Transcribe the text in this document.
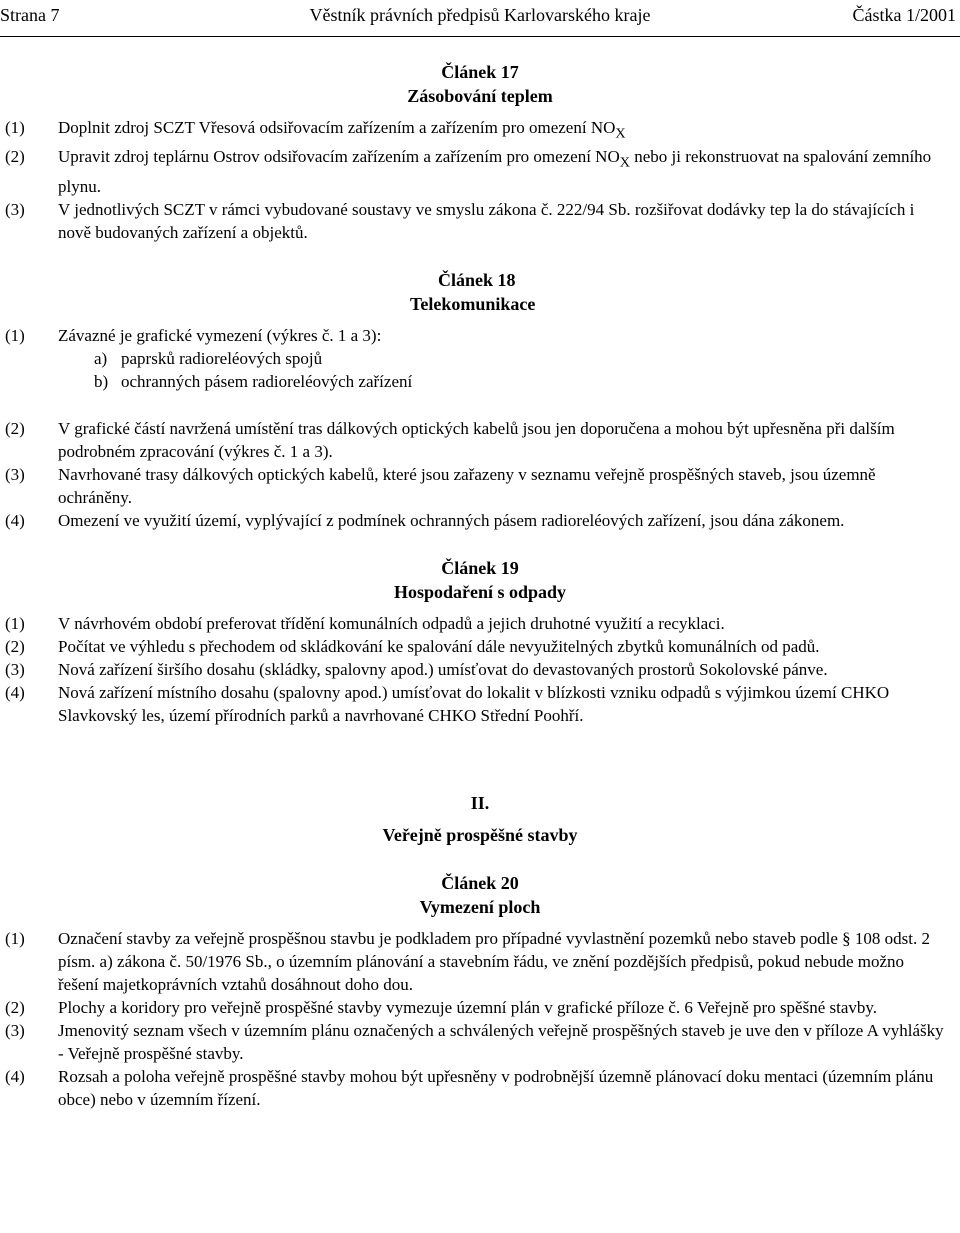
Strana 7	Věstník právních předpisů Karlovarského kraje	Částka 1/2001
Článek 17
Zásobování teplem
(1) Doplnit zdroj SCZT Vřesová odsiřovacím zařízením a zařízením pro omezení $NO_X$
(2) Upravit zdroj teplárnu Ostrov odsiřovacím zařízením a zařízením pro omezení $NO_X$ nebo ji rekonstruovat na spalování zemního plynu.
(3) V jednotlivých SCZT v rámci vybudované soustavy ve smyslu zákona č. 222/94 Sb. rozšiřovat dodávky tep la do stávajících i nově budovaných zařízení a objektů.
Článek 18
Telekomunikace
(1) Závazné je grafické vymezení (výkres č. 1 a 3):
a) paprsků radioreléových spojů
b) ochranných pásem radioreléových zařízení
(2) V grafické částí navržená umístění tras dálkových optických kabelů jsou jen doporučena a mohou být upřesněna při dalším podrobném zpracování (výkres č. 1 a 3).
(3) Navrhované trasy dálkových optických kabelů, které jsou zařazeny v seznamu veřejně prospěšných staveb, jsou územně ochráněny.
(4) Omezení ve využití území, vyplývající z podmínek ochranných pásem radioreléových zařízení, jsou dána zákonem.
Článek 19
Hospodaření s odpady
(1) V návrhovém období preferovat třídění komunálních odpadů a jejich druhotné využití a recyklaci.
(2) Počítat ve výhledu s přechodem od skládkování ke spalování dále nevyužitelných zbytků komunálních od padů.
(3) Nová zařízení širšího dosahu (skládky, spalovny apod.) umísťovat do devastovaných prostorů Sokolovské pánve.
(4) Nová zařízení místního dosahu (spalovny apod.) umísťovat do lokalit v blízkosti vzniku odpadů s výjimkou území CHKO Slavkovský les, území přírodních parků a navrhované CHKO Střední Poohří.
II.
Veřejně prospěšné stavby
Článek 20
Vymezení ploch
(1) Označení stavby za veřejně prospěšnou stavbu je podkladem pro případné vyvlastnění pozemků nebo staveb podle § 108 odst. 2 písm. a) zákona č. 50/1976 Sb., o územním plánování a stavebním řádu, ve znění pozdějších předpisů, pokud nebude možno řešení majetkoprávních vztahů dosáhnout doho dou.
(2) Plochy a koridory pro veřejně prospěšné stavby vymezuje územní plán v grafické příloze č. 6 Veřejně pro spěšné stavby.
(3) Jmenovitý seznam všech v územním plánu označených a schválených veřejně prospěšných staveb je uve den v příloze A vyhlášky - Veřejně prospěšné stavby.
(4) Rozsah a poloha veřejně prospěšné stavby mohou být upřesněny v podrobnější územně plánovací doku mentaci (územním plánu obce) nebo v územním řízení.
